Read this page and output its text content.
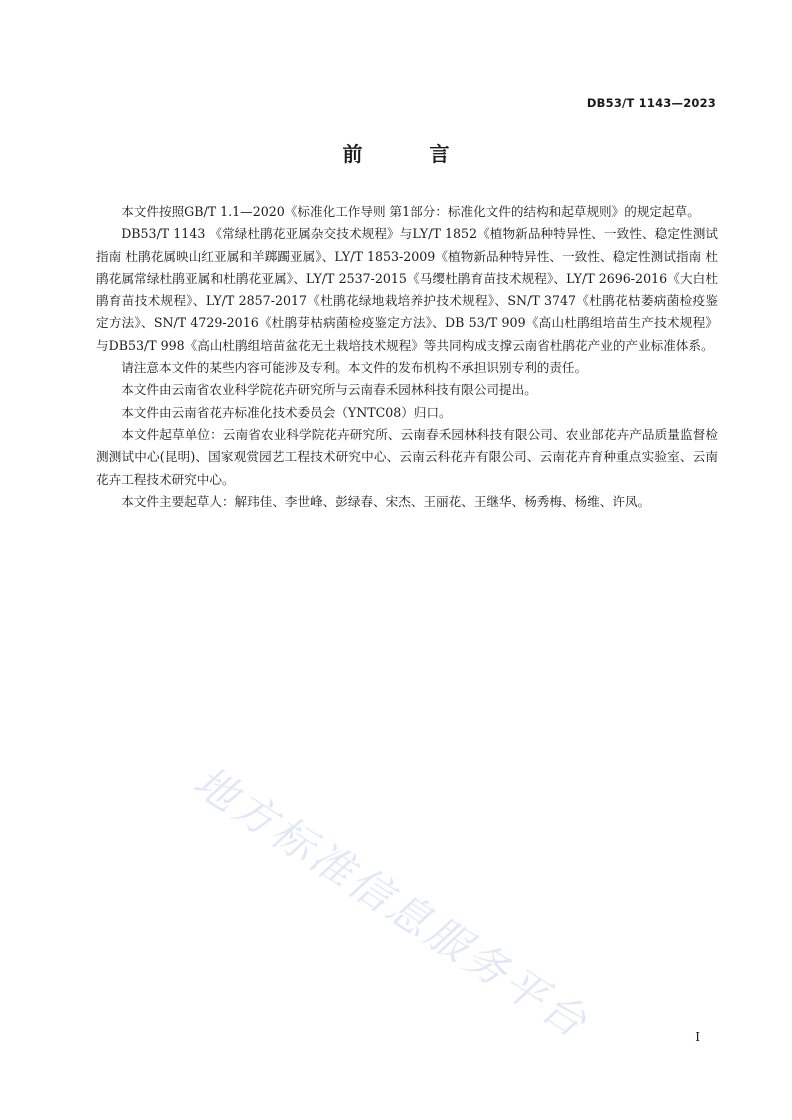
DB53/T 1143—2023
前 言

本文件按照GB/T 1.1—2020《标准化工作导则 第1部分：标准化文件的结构和起草规则》的规定起草。

DB53/T 1143 《常绿杜鹃花亚属杂交技术规程》与LY/T 1852《植物新品种特异性、一致性、稳定性测试指南 杜鹃花属映山红亚属和羊踯躅亚属》、LY/T 1853-2009《植物新品种特异性、一致性、稳定性测试指南 杜鹃花属常绿杜鹃亚属和杜鹃花亚属》、LY/T 2537-2015《马缨杜鹃育苗技术规程》、LY/T 2696-2016《大白杜鹃育苗技术规程》、LY/T 2857-2017《杜鹃花绿地栽培养护技术规程》、SN/T 3747《杜鹃花枯萎病菌检疫鉴定方法》、SN/T 4729-2016《杜鹃芽枯病菌检疫鉴定方法》、DB 53/T 909《高山杜鹃组培苗生产技术规程》与DB53/T 998《高山杜鹃组培苗盆花无土栽培技术规程》等共同构成支撑云南省杜鹃花产业的产业标准体系。

请注意本文件的某些内容可能涉及专利。本文件的发布机构不承担识别专利的责任。

本文件由云南省农业科学院花卉研究所与云南春禾园林科技有限公司提出。

本文件由云南省花卉标准化技术委员会（YNTC08）归口。

本文件起草单位：云南省农业科学院花卉研究所、云南春禾园林科技有限公司、农业部花卉产品质量监督检测测试中心(昆明)、国家观赏园艺工程技术研究中心、云南云科花卉有限公司、云南花卉育种重点实验室、云南花卉工程技术研究中心。

本文件主要起草人：解玮佳、李世峰、彭绿春、宋杰、王丽花、王继华、杨秀梅、杨维、许凤。

地方标准信息服务平台	I
